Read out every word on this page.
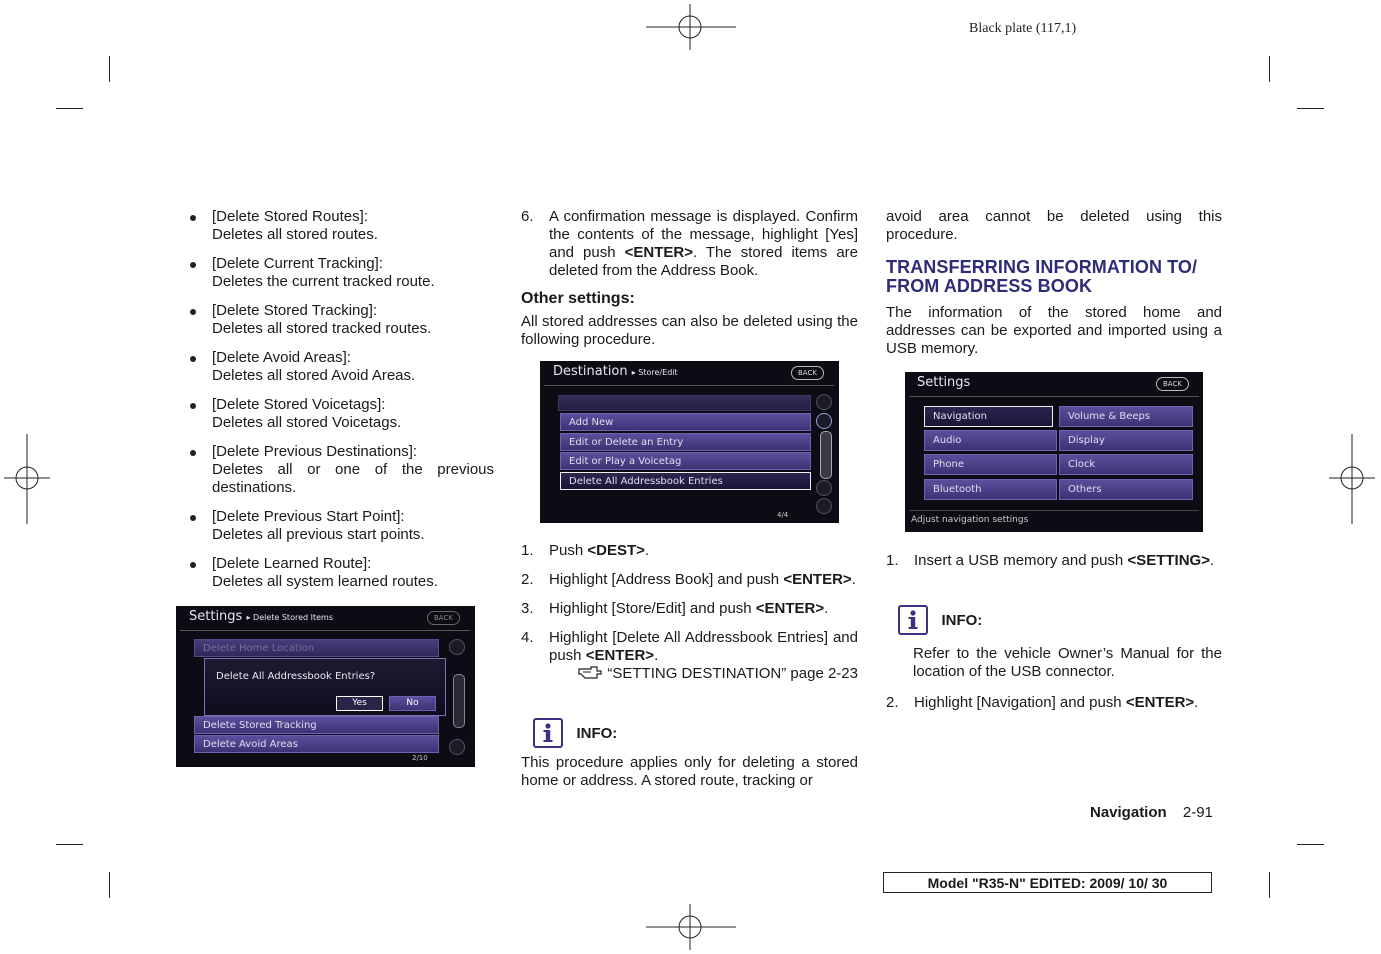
Black plate (117,1)
[Delete Stored Routes]:
Deletes all stored routes.
[Delete Current Tracking]:
Deletes the current tracked route.
[Delete Stored Tracking]:
Deletes all stored tracked routes.
[Delete Avoid Areas]:
Deletes all stored Avoid Areas.
[Delete Stored Voicetags]:
Deletes all stored Voicetags.
[Delete Previous Destinations]:
Deletes all or one of the previous destinations.
[Delete Previous Start Point]:
Deletes all previous start points.
[Delete Learned Route]:
Deletes all system learned routes.
Settings ▸ Delete Stored Items	BACK
Delete Home Location
Delete All Addressbook Entries?
Yes	No
Delete Stored Tracking
Delete Avoid Areas
2/10
6. A confirmation message is displayed. Confirm the contents of the message, highlight [Yes] and push <ENTER>. The stored items are deleted from the Address Book.

Other settings:

All stored addresses can also be deleted using the following procedure.

Destination ▸ Store/Edit	BACK
Add New
Edit or Delete an Entry
Edit or Play a Voicetag
Delete All Addressbook Entries
4/4
1. Push <DEST>.
2. Highlight [Address Book] and push <ENTER>.
3. Highlight [Store/Edit] and push <ENTER>.
4. Highlight [Delete All Addressbook Entries] and push <ENTER>.
“SETTING DESTINATION” page 2-23
INFO:
This procedure applies only for deleting a stored home or address. A stored route, tracking or

avoid area cannot be deleted using this procedure.

TRANSFERRING INFORMATION TO/
FROM ADDRESS BOOK

The information of the stored home and addresses can be exported and imported using a USB memory.

Settings	BACK
Navigation
Audio
Phone
Bluetooth
Volume & Beeps
Display
Clock
Others
Adjust navigation settings
1. Insert a USB memory and push <SETTING>.
INFO:
Refer to the vehicle Owner’s Manual for the location of the USB connector.
2. Highlight [Navigation] and push <ENTER>.
Navigation 2-91
Model "R35-N" EDITED: 2009/ 10/ 30
